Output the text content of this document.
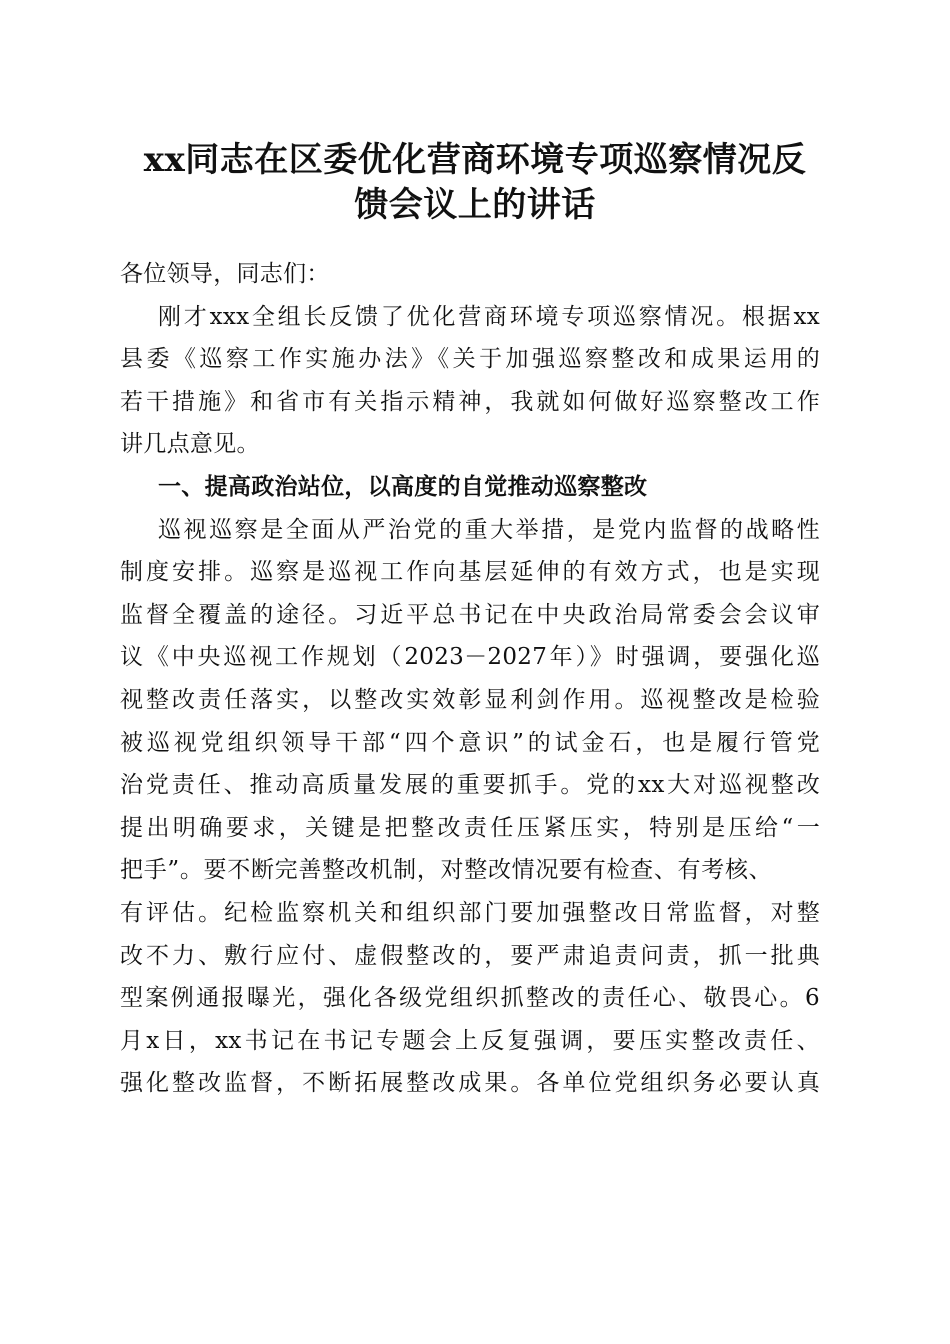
xx同志在区委优化营商环境专项巡察情况反
馈会议上的讲话
各位领导，同志们：
刚才xxx全组长反馈了优化营商环境专项巡察情况。根据xx
县委《巡察工作实施办法》《关于加强巡察整改和成果运用的
若干措施》和省市有关指示精神，我就如何做好巡察整改工作
讲几点意见。
一、提高政治站位，以高度的自觉推动巡察整改
巡视巡察是全面从严治党的重大举措，是党内监督的战略性
制度安排。巡察是巡视工作向基层延伸的有效方式，也是实现
监督全覆盖的途径。习近平总书记在中央政治局常委会会议审
议《中央巡视工作规划（2023－2027年）》时强调，要强化巡
视整改责任落实，以整改实效彰显利剑作用。巡视整改是检验
被巡视党组织领导干部“四个意识”的试金石，也是履行管党
治党责任、推动高质量发展的重要抓手。党的xx大对巡视整改
提出明确要求，关键是把整改责任压紧压实，特别是压给“一
把手”。要不断完善整改机制，对整改情况要有检查、有考核、
有评估。纪检监察机关和组织部门要加强整改日常监督，对整
改不力、敷行应付、虚假整改的，要严肃追责问责，抓一批典
型案例通报曝光，强化各级党组织抓整改的责任心、敬畏心。6
月x日，xx书记在书记专题会上反复强调，要压实整改责任、
强化整改监督，不断拓展整改成果。各单位党组织务必要认真
